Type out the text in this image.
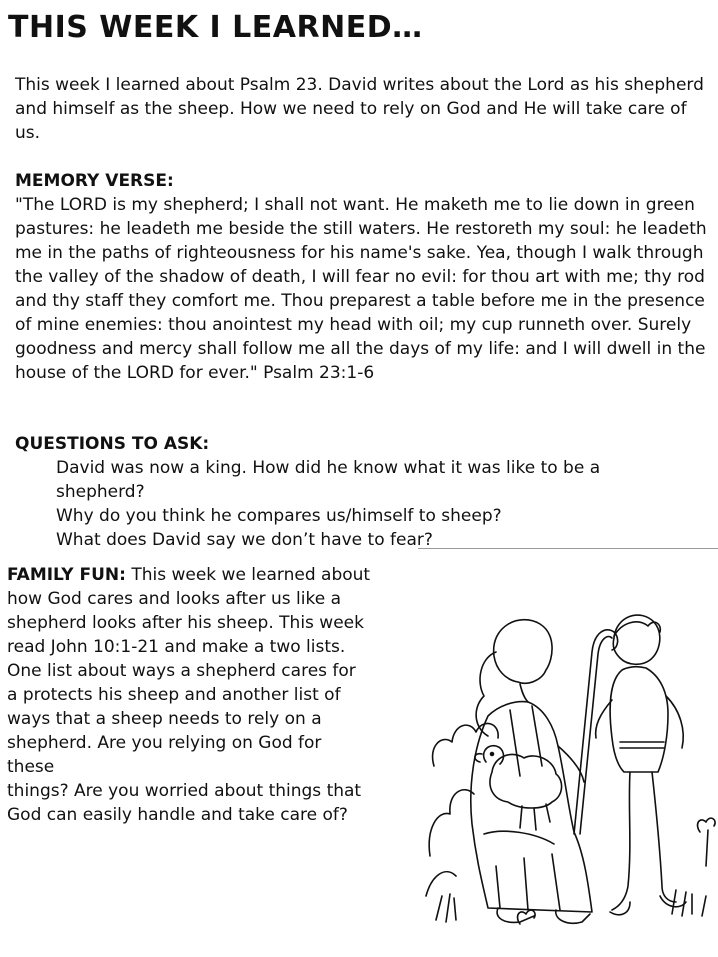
THIS WEEK I LEARNED…

This week I learned about Psalm 23. David writes about the Lord as his shepherd and himself as the sheep. How we need to rely on God and He will take care of us.

MEMORY VERSE:

"The LORD is my shepherd; I shall not want. He maketh me to lie down in green pastures: he leadeth me beside the still waters. He restoreth my soul: he leadeth me in the paths of righteousness for his name's sake. Yea, though I walk through the valley of the shadow of death, I will fear no evil: for thou art with me; thy rod and thy staff they comfort me. Thou preparest a table before me in the presence of mine enemies: thou anointest my head with oil; my cup runneth over. Surely goodness and mercy shall follow me all the days of my life: and I will dwell in the house of the LORD for ever." Psalm 23:1-6

QUESTIONS TO ASK:
David was now a king. How did he know what it was like to be a shepherd?
Why do you think he compares us/himself to sheep?
What does David say we don’t have to fear?
FAMILY FUN: This week we learned about
how God cares and looks after us like a
shepherd looks after his sheep. This week
read John 10:1-21 and make a two lists.
One list about ways a shepherd cares for
a protects his sheep and another list of
ways that a sheep needs to rely on a
shepherd. Are you relying on God for
these
things? Are you worried about things that
God can easily handle and take care of?
